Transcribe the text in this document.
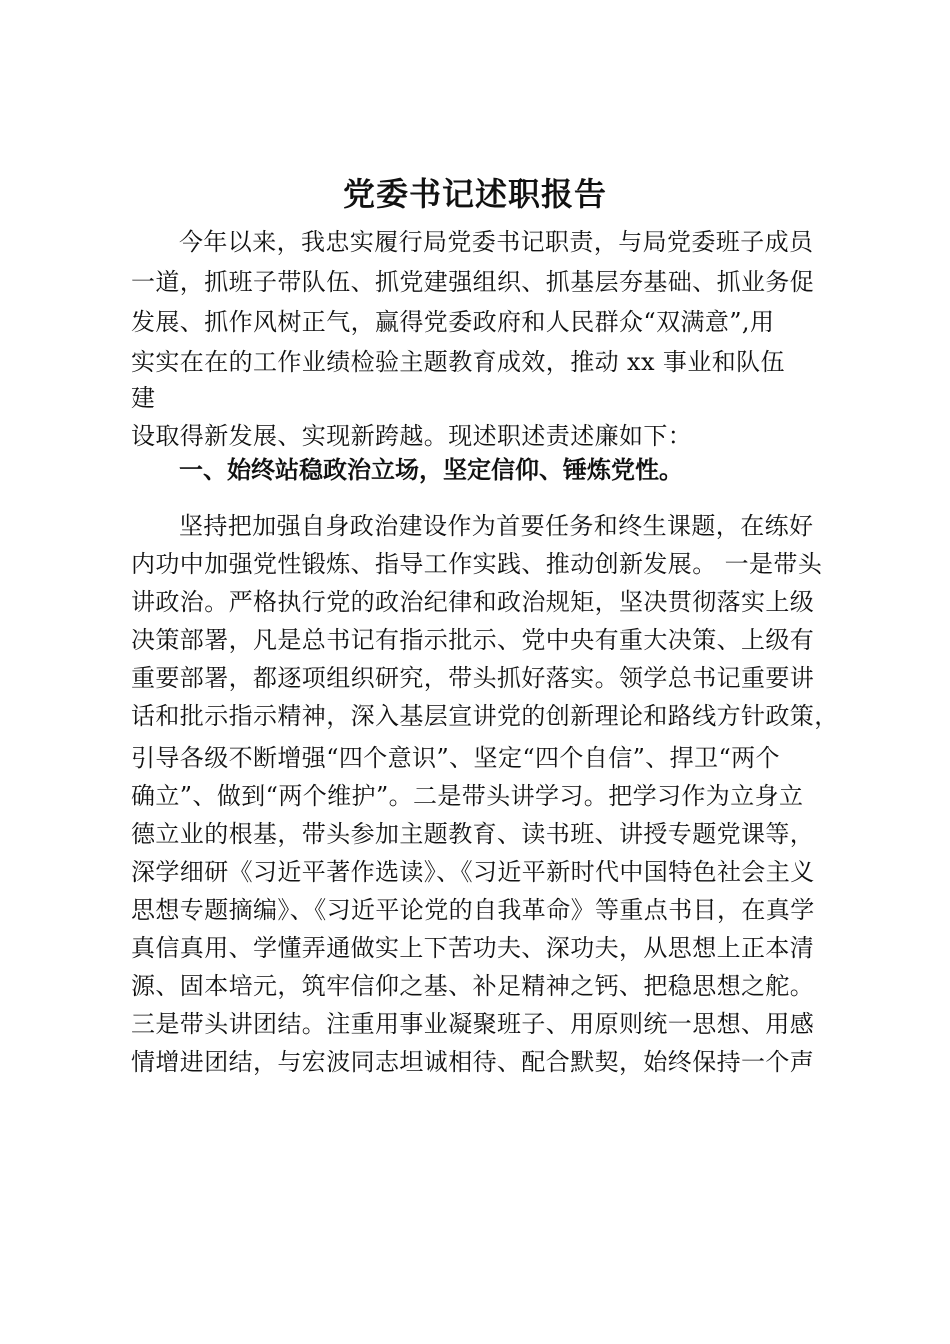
党委书记述职报告
今年以来，我忠实履行局党委书记职责，与局党委班子成员
一道，抓班子带队伍、抓党建强组织、抓基层夯基础、抓业务促
发展、抓作风树正气，赢得党委政府和人民群众“双满意”,用
实实在在的工作业绩检验主题教育成效，推动 xx 事业和队伍
建
设取得新发展、实现新跨越。现述职述责述廉如下：
一、始终站稳政治立场，坚定信仰、锤炼党性。
坚持把加强自身政治建设作为首要任务和终生课题，在练好
内功中加强党性锻炼、指导工作实践、推动创新发展。 一是带头
讲政治。严格执行党的政治纪律和政治规矩，坚决贯彻落实上级
决策部署，凡是总书记有指示批示、党中央有重大决策、上级有
重要部署，都逐项组织研究，带头抓好落实。领学总书记重要讲
话和批示指示精神，深入基层宣讲党的创新理论和路线方针政策，
引导各级不断增强“四个意识”、坚定“四个自信”、捍卫“两个
确立”、做到“两个维护”。二是带头讲学习。把学习作为立身立
德立业的根基，带头参加主题教育、读书班、讲授专题党课等，
深学细研《习近平著作选读》、《习近平新时代中国特色社会主义
思想专题摘编》、《习近平论党的自我革命》等重点书目，在真学
真信真用、学懂弄通做实上下苦功夫、深功夫，从思想上正本清
源、固本培元，筑牢信仰之基、补足精神之钙、把稳思想之舵。
三是带头讲团结。注重用事业凝聚班子、用原则统一思想、用感
情增进团结，与宏波同志坦诚相待、配合默契，始终保持一个声
